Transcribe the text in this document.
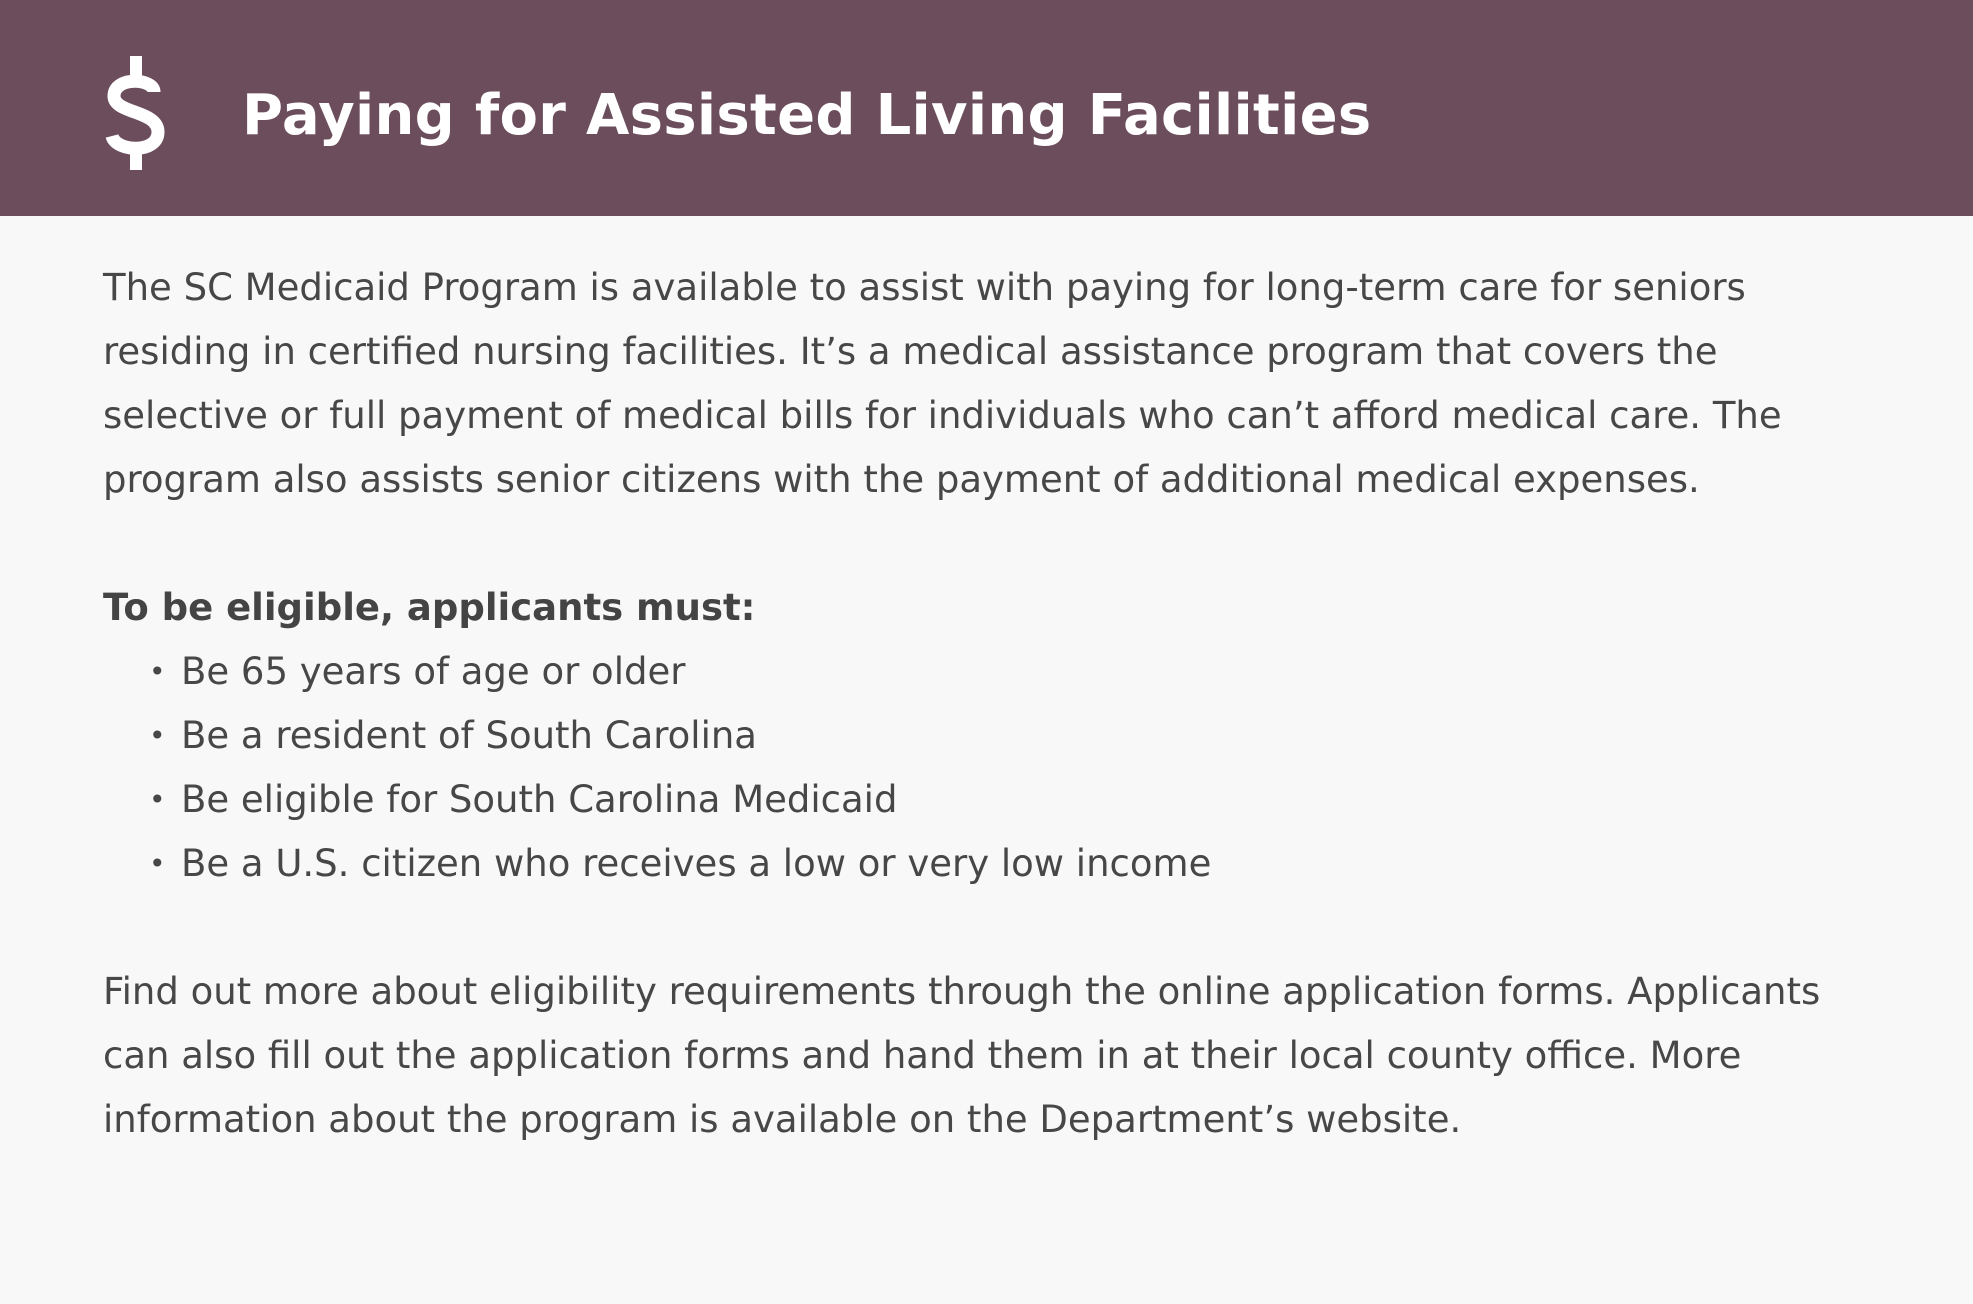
Paying for Assisted Living Facilities

The SC Medicaid Program is available to assist with paying for long-term care for seniors residing in certified nursing facilities. It’s a medical assistance program that covers the selective or full payment of medical bills for individuals who can’t afford medical care. The program also assists senior citizens with the payment of additional medical expenses.

To be eligible, applicants must:

• Be 65 years of age or older
• Be a resident of South Carolina
• Be eligible for South Carolina Medicaid
• Be a U.S. citizen who receives a low or very low income

Find out more about eligibility requirements through the online application forms. Applicants can also fill out the application forms and hand them in at their local county office. More information about the program is available on the Department’s website.
